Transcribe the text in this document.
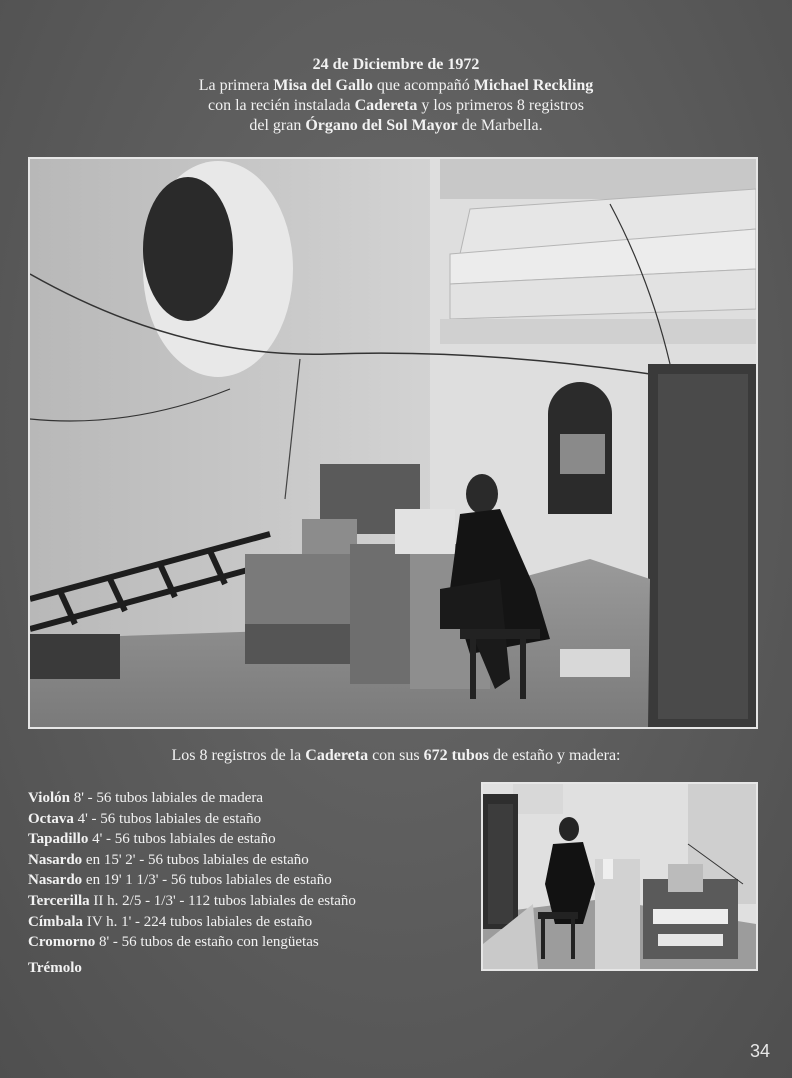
24 de Diciembre de 1972
La primera Misa del Gallo que acompañó Michael Reckling
con la recién instalada Cadereta y los primeros 8 registros
del gran Órgano del Sol Mayor de Marbella.
Los 8 registros de la Cadereta con sus 672 tubos de estaño y madera:
Violón 8' - 56 tubos labiales de madera
Octava 4' - 56 tubos labiales de estaño
Tapadillo 4' - 56 tubos labiales de estaño
Nasardo en 15' 2' - 56 tubos labiales de estaño
Nasardo en 19' 1 1/3' - 56 tubos labiales de estaño
Tercerilla II h. 2/5 - 1/3' - 112 tubos labiales de estaño
Címbala IV h. 1' - 224 tubos labiales de estaño
Cromorno 8' - 56 tubos de estaño con lengüetas
Trémolo
34
